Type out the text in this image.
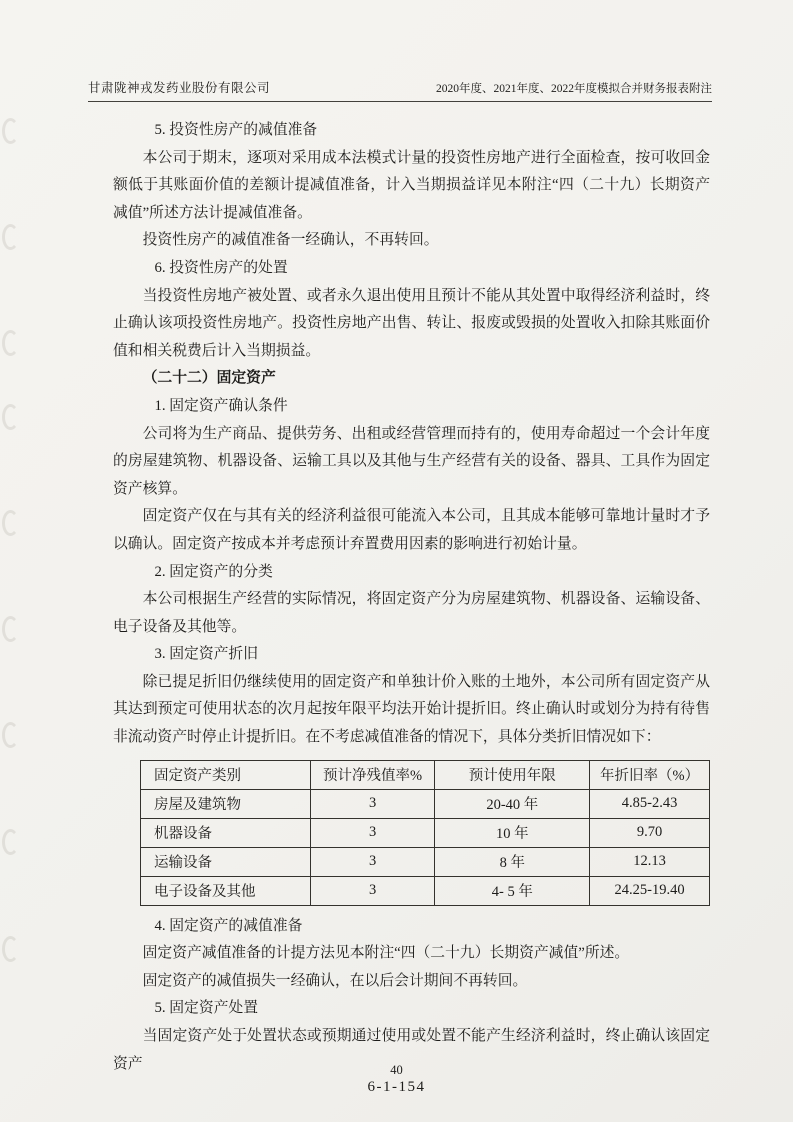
甘肃陇神戎发药业股份有限公司	2020年度、2021年度、2022年度模拟合并财务报表附注

5. 投资性房产的减值准备

本公司于期末，逐项对采用成本法模式计量的投资性房地产进行全面检查，按可收回金额低于其账面价值的差额计提减值准备，计入当期损益详见本附注“四（二十九）长期资产减值”所述方法计提减值准备。

投资性房产的减值准备一经确认，不再转回。

6. 投资性房产的处置

当投资性房地产被处置、或者永久退出使用且预计不能从其处置中取得经济利益时，终止确认该项投资性房地产。投资性房地产出售、转让、报废或毁损的处置收入扣除其账面价值和相关税费后计入当期损益。

（二十二）固定资产

1. 固定资产确认条件

公司将为生产商品、提供劳务、出租或经营管理而持有的，使用寿命超过一个会计年度的房屋建筑物、机器设备、运输工具以及其他与生产经营有关的设备、器具、工具作为固定资产核算。

固定资产仅在与其有关的经济利益很可能流入本公司，且其成本能够可靠地计量时才予以确认。固定资产按成本并考虑预计弃置费用因素的影响进行初始计量。

2. 固定资产的分类

本公司根据生产经营的实际情况，将固定资产分为房屋建筑物、机器设备、运输设备、电子设备及其他等。

3. 固定资产折旧

除已提足折旧仍继续使用的固定资产和单独计价入账的土地外，本公司所有固定资产从其达到预定可使用状态的次月起按年限平均法开始计提折旧。终止确认时或划分为持有待售非流动资产时停止计提折旧。在不考虑减值准备的情况下，具体分类折旧情况如下：

固定资产类别	预计净残值率%	预计使用年限	年折旧率（%）
房屋及建筑物	3	20-40 年	4.85-2.43
机器设备	3	10 年	9.70
运输设备	3	8 年	12.13
电子设备及其他	3	4- 5 年	24.25-19.40

4. 固定资产的减值准备

固定资产减值准备的计提方法见本附注“四（二十九）长期资产减值”所述。

固定资产的减值损失一经确认，在以后会计期间不再转回。

5. 固定资产处置

当固定资产处于处置状态或预期通过使用或处置不能产生经济利益时，终止确认该固定资产	40
6-1-154
